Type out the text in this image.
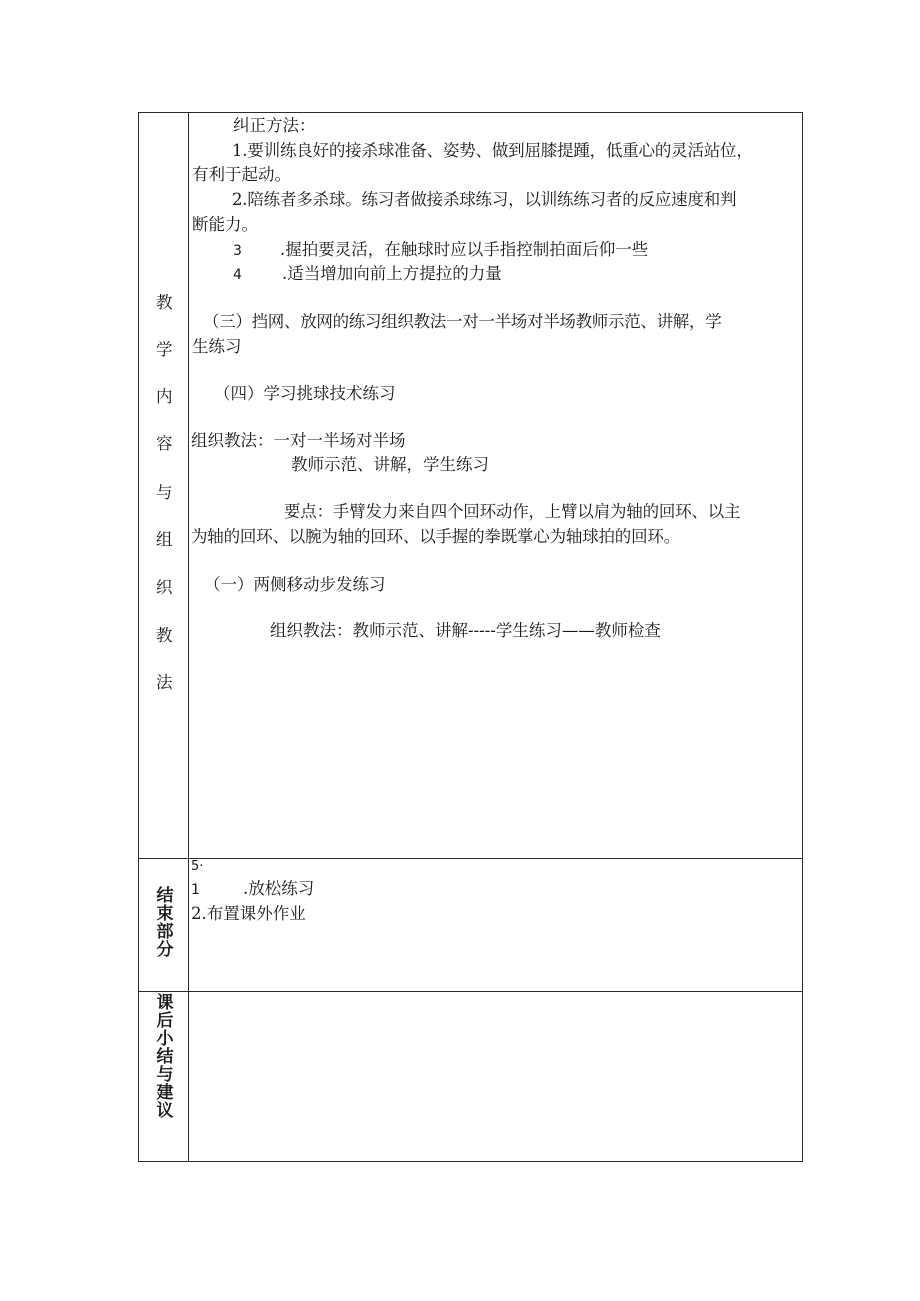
教
学
内
容
与
组
织
教
法
纠正方法：
1.要训练良好的接杀球准备、姿势、做到屈膝提踵，低重心的灵活站位，
有利于起动。
2.陪练者多杀球。练习者做接杀球练习，以训练练习者的反应速度和判
断能力。
3 .握拍要灵活，在触球时应以手指控制拍面后仰一些
4 .适当增加向前上方提拉的力量
（三）挡网、放网的练习组织教法一对一半场对半场教师示范、讲解，学
生练习
（四）学习挑球技术练习
组织教法：一对一半场对半场
教师示范、讲解，学生练习
要点：手臂发力来自四个回环动作，上臂以肩为轴的回环、以主
为轴的回环、以腕为轴的回环、以手握的拳既掌心为轴球拍的回环。
（一）两侧移动步发练习
组织教法：教师示范、讲解-----学生练习——教师检查
结
束
部
分
5·
1	.放松练习
2.布置课外作业
课
后
小
结
与
建
议
